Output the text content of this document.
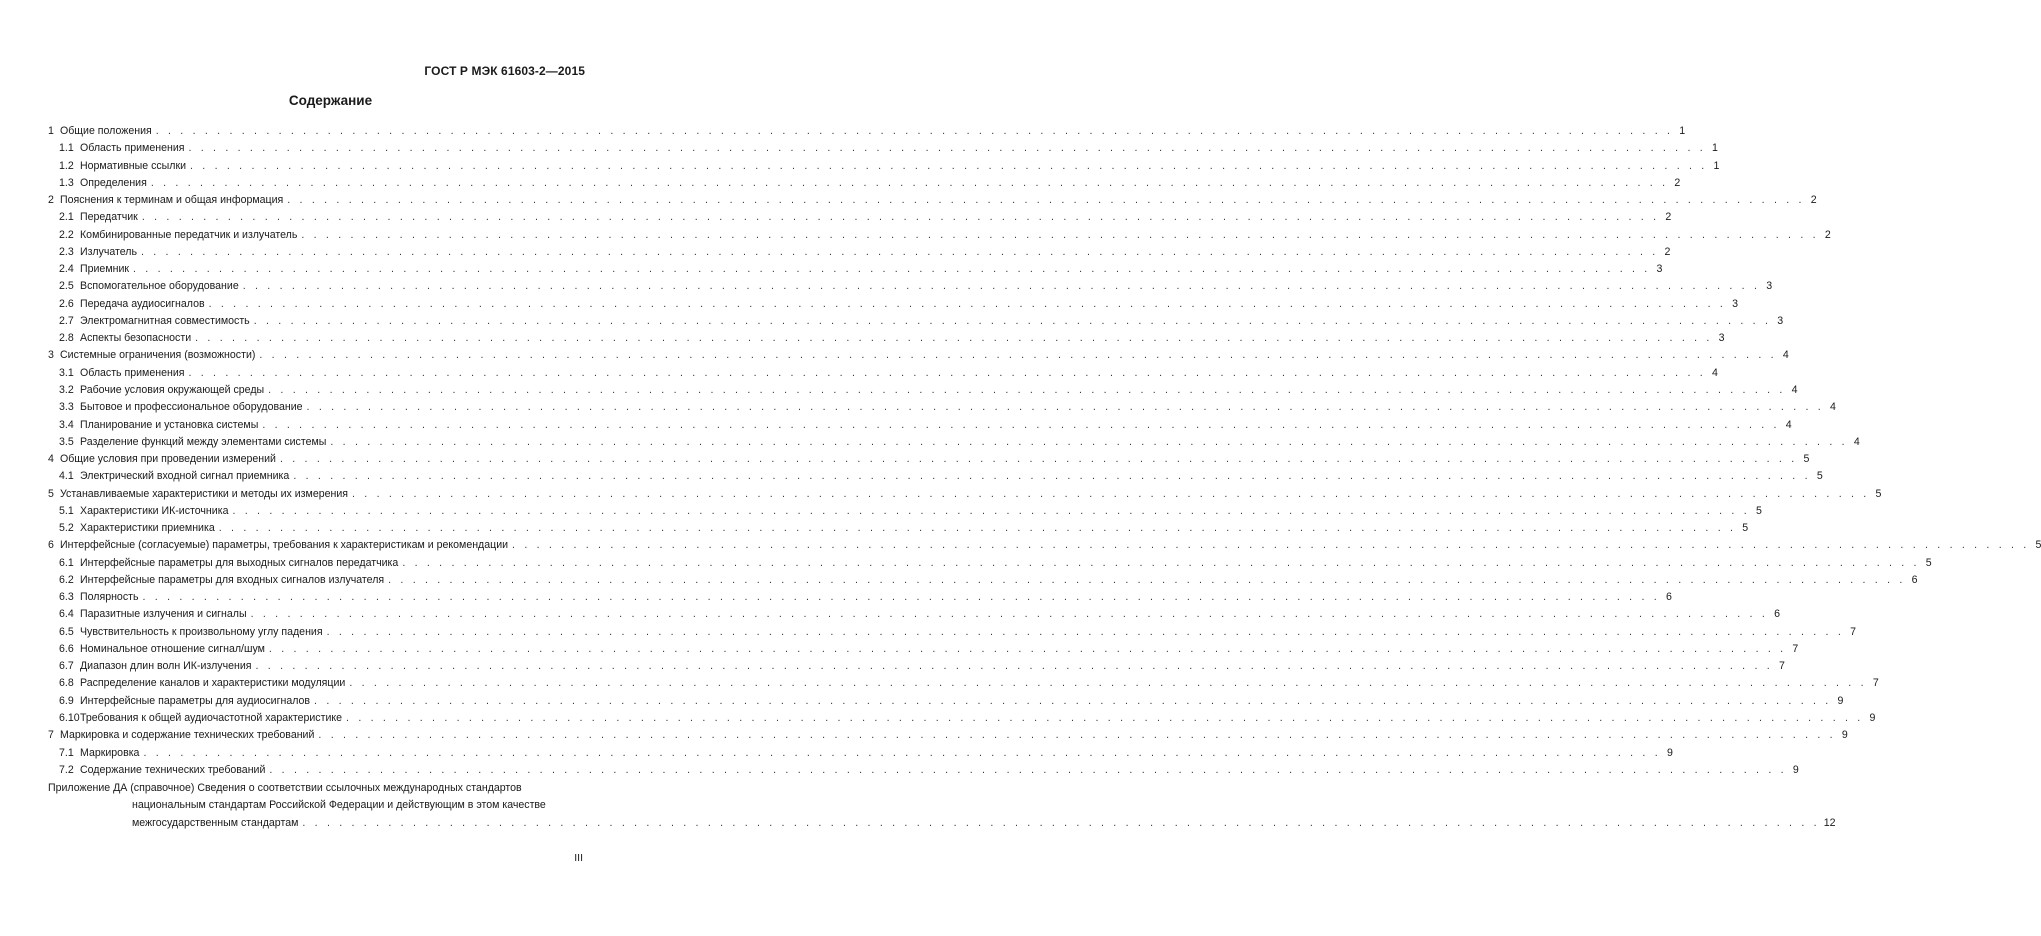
ГОСТ Р МЭК 61603-2—2015
Содержание
1 Общие положения . . .	1
1.1 Область применения . . .	1
1.2 Нормативные ссылки . . .	1
1.3 Определения . . .	2
2 Пояснения к терминам и общая информация . . .	2
2.1 Передатчик . . .	2
2.2 Комбинированные передатчик и излучатель . . .	2
2.3 Излучатель . . .	2
2.4 Приемник . . .	3
2.5 Вспомогательное оборудование . . .	3
2.6 Передача аудиосигналов . . .	3
2.7 Электромагнитная совместимость . . .	3
2.8 Аспекты безопасности . . .	3
3 Системные ограничения (возможности) . . .	4
3.1 Область применения . . .	4
3.2 Рабочие условия окружающей среды . . .	4
3.3 Бытовое и профессиональное оборудование . . .	4
3.4 Планирование и установка системы . . .	4
3.5 Разделение функций между элементами системы . . .	4
4 Общие условия при проведении измерений . . .	5
4.1 Электрический входной сигнал приемника . . .	5
5 Устанавливаемые характеристики и методы их измерения . . .	5
5.1 Характеристики ИК-источника . . .	5
5.2 Характеристики приемника . . .	5
6 Интерфейсные (согласуемые) параметры, требования к характеристикам и рекомендации . . .	5
6.1 Интерфейсные параметры для выходных сигналов передатчика . . .	5
6.2 Интерфейсные параметры для входных сигналов излучателя . . .	6
6.3 Полярность . . .	6
6.4 Паразитные излучения и сигналы . . .	6
6.5 Чувствительность к произвольному углу падения . . .	7
6.6 Номинальное отношение сигнал/шум . . .	7
6.7 Диапазон длин волн ИК-излучения . . .	7
6.8 Распределение каналов и характеристики модуляции . . .	7
6.9 Интерфейсные параметры для аудиосигналов . . .	9
6.10 Требования к общей аудиочастотной характеристике . . .	9
7 Маркировка и содержание технических требований . . .	9
7.1 Маркировка . . .	9
7.2 Содержание технических требований . . .	9
Приложение ДА (справочное) Сведения о соответствии ссылочных международных стандартов
национальным стандартам Российской Федерации и действующим в этом качестве
межгосударственным стандартам . . .	12
III
